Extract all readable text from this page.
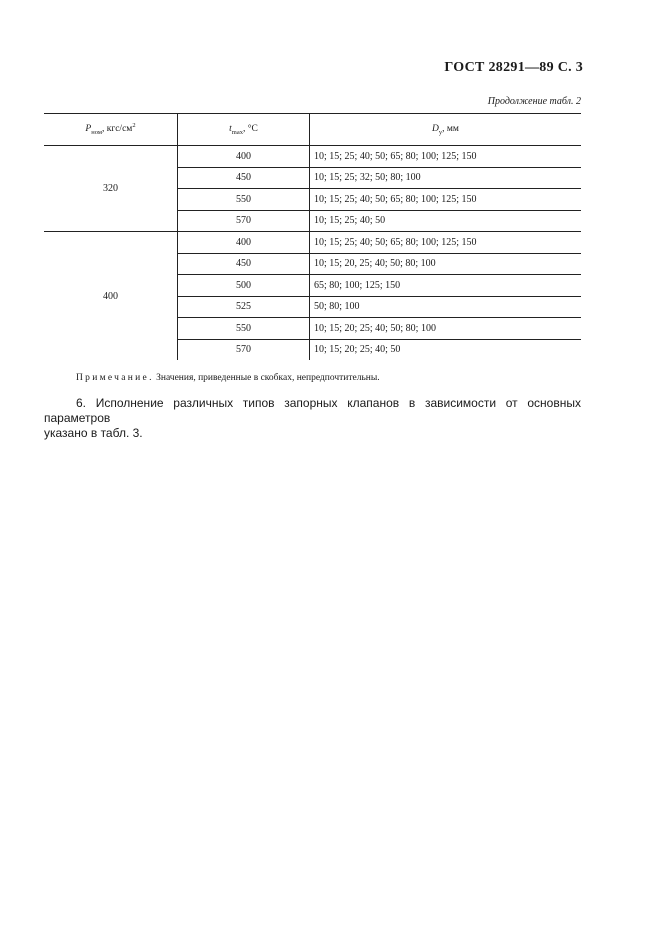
ГОСТ 28291—89 С. 3
Продолжение табл. 2
$P_{ном}$, кгс/$см^2$	$t_{max}$, °C	$D_у$, мм
320	400	10; 15; 25; 40; 50; 65; 80; 100; 125; 150
	450	10; 15; 25; 32; 50; 80; 100
	550	10; 15; 25; 40; 50; 65; 80; 100; 125; 150
	570	10; 15; 25; 40; 50
400	400	10; 15; 25; 40; 50; 65; 80; 100; 125; 150
	450	10; 15; 20, 25; 40; 50; 80; 100
	500	65; 80; 100; 125; 150
	525	50; 80; 100
	550	10; 15; 20; 25; 40; 50; 80; 100
	570	10; 15; 20; 25; 40; 50
Примечание. Значения, приведенные в скобках, непредпочтительны.
6. Исполнение различных типов запорных клапанов в зависимости от основных параметров
указано в табл. 3.
